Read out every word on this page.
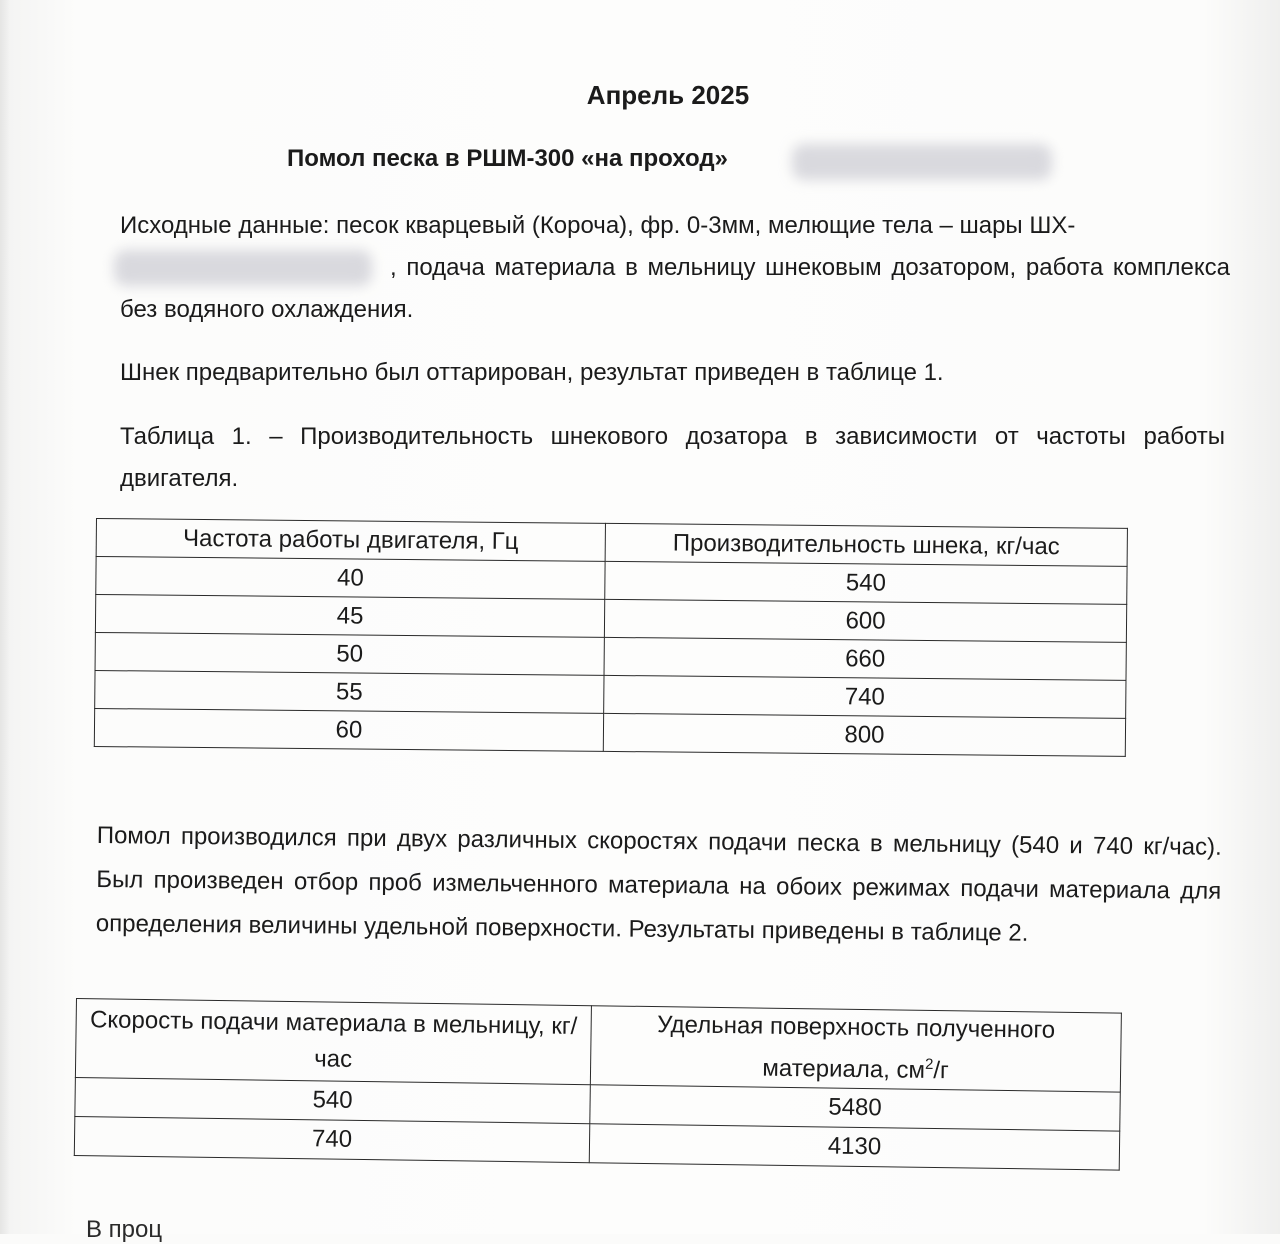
Апрель 2025
Помол песка в РШМ-300 «на проход»
Исходные данные: песок кварцевый (Короча), фр. 0-3мм, мелющие тела – шары ШХ-
, подача материала в мельницу шнековым дозатором, работа комплекса без водяного охлаждения.
Шнек предварительно был оттарирован, результат приведен в таблице 1.
Таблица 1. – Производительность шнекового дозатора в зависимости от частоты работы двигателя.
Частота работы двигателя, Гц	Производительность шнека, кг/час
40	540
45	600
50	660
55	740
60	800
Помол производился при двух различных скоростях подачи песка в мельницу (540 и 740 кг/час). Был произведен отбор проб измельченного материала на обоих режимах подачи материала для определения величины удельной поверхности. Результаты приведены в таблице 2.
Скорость подачи материала в мельницу, кг/час	Удельная поверхность полученного материала, $см^2/г$
540	5480
740	4130
В проц
